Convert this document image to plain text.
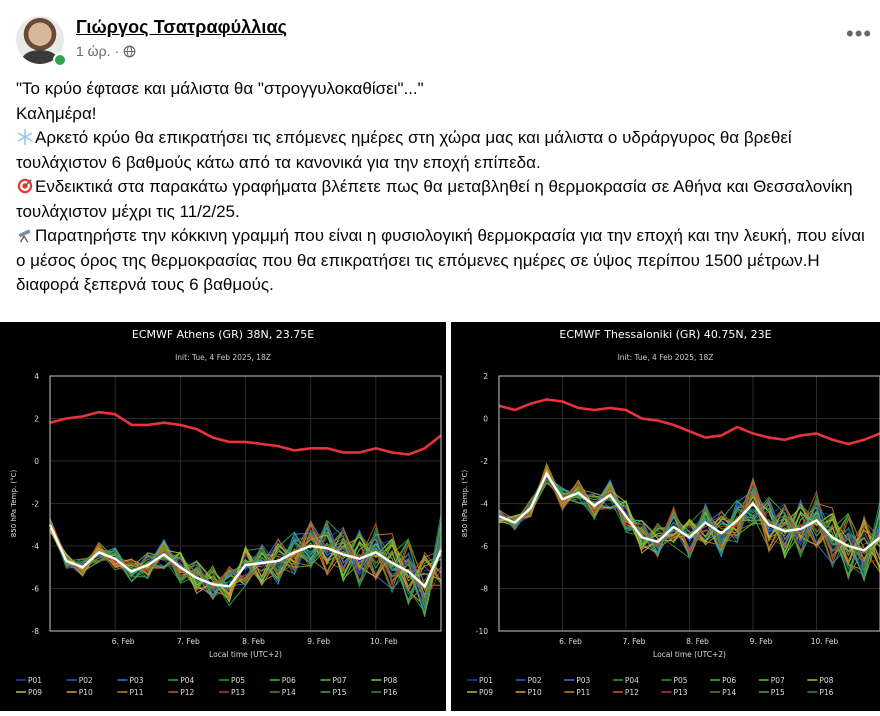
Γιώργος Τσατραφύλλιας
1 ώρ. ·
•••

"Το κρύο έφτασε και μάλιστα θα "στρογγυλοκαθίσει"..."

Καλημέρα!

Αρκετό κρύο θα επικρατήσει τις επόμενες ημέρες στη χώρα μας και μάλιστα ο υδράργυρος θα βρεθεί τουλάχιστον 6 βαθμούς κάτω από τα κανονικά για την εποχή επίπεδα.

Ενδεικτικά στα παρακάτω γραφήματα βλέπετε πως θα μεταβληθεί η θερμοκρασία σε Αθήνα και Θεσσαλονίκη τουλάχιστον μέχρι τις 11/2/25.

Παρατηρήστε την κόκκινη γραμμή που είναι η φυσιολογική θερμοκρασία για την εποχή και την λευκή, που είναι ο μέσος όρος της θερμοκρασίας που θα επικρατήσει τις επόμενες ημέρες σε ύψος περίπου 1500 μέτρων.Η διαφορά ξεπερνά τους 6 βαθμούς.

ECMWF Athens (GR) 38N, 23.75E
Init: Tue, 4 Feb 2025, 18Z
-8
-6
-4
-2
0
2
4
6. Feb	7. Feb	8. Feb	9. Feb	10. Feb
850 hPa Temp. (°C)
Local time (UTC+2)
P01	P02	P03	P04	P05	P06	P07	P08
P09	P10	P11	P12	P13	P14	P15	P16
ECMWF Thessaloniki (GR) 40.75N, 23E
Init: Tue, 4 Feb 2025, 18Z
-10
-8
-6
-4
-2
0
2
6. Feb	7. Feb	8. Feb	9. Feb	10. Feb
850 hPa Temp. (°C)
Local time (UTC+2)
P01	P02	P03	P04	P05	P06	P07	P08
P09	P10	P11	P12	P13	P14	P15	P16
